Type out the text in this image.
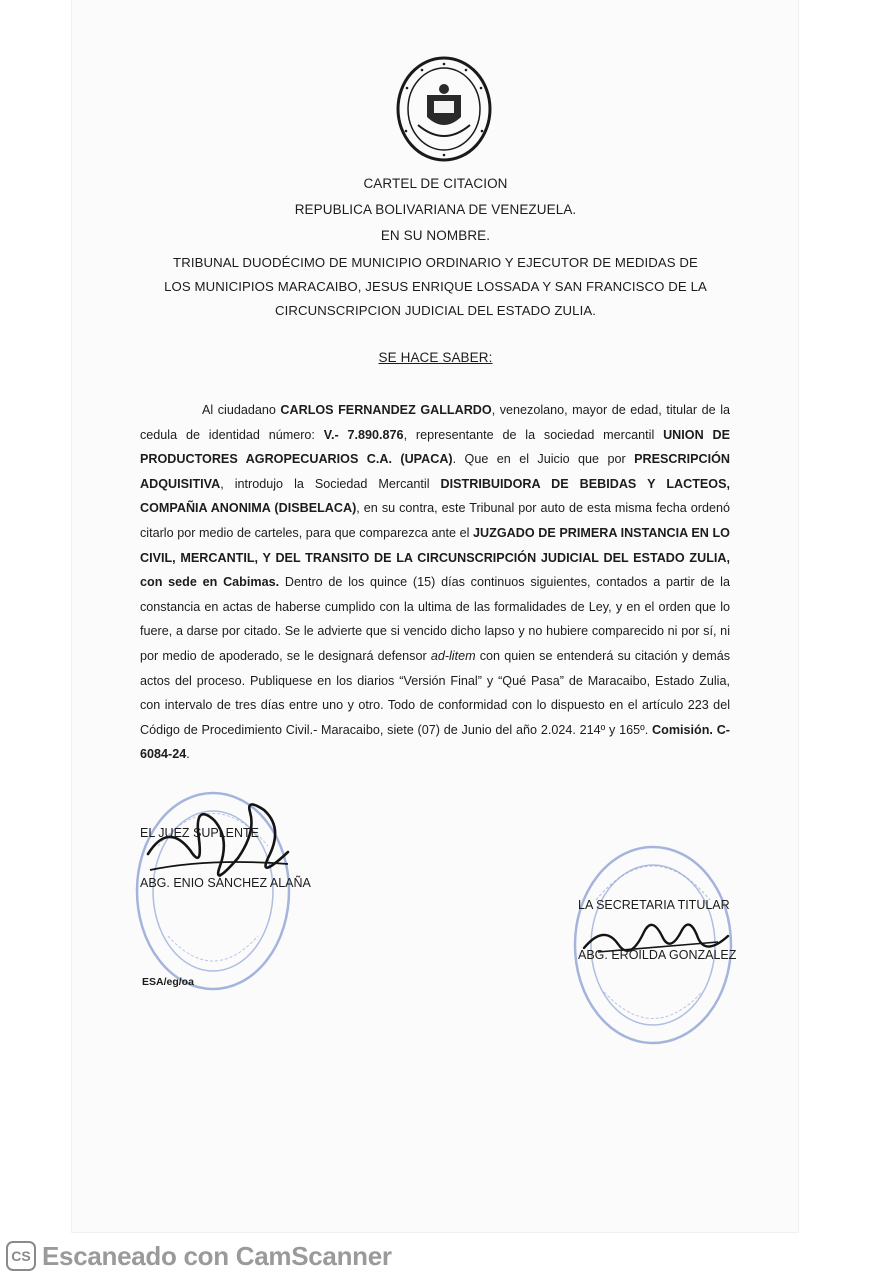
CARTEL DE CITACION
REPUBLICA BOLIVARIANA DE VENEZUELA.
EN SU NOMBRE.
TRIBUNAL DUODÉCIMO DE MUNICIPIO ORDINARIO Y EJECUTOR DE MEDIDAS DE
LOS MUNICIPIOS MARACAIBO, JESUS ENRIQUE LOSSADA Y SAN FRANCISCO DE LA
CIRCUNSCRIPCION JUDICIAL DEL ESTADO ZULIA.
SE HACE SABER:
Al ciudadano CARLOS FERNANDEZ GALLARDO, venezolano, mayor de edad, titular de la cedula de identidad número: V.- 7.890.876, representante de la sociedad mercantil UNION DE PRODUCTORES AGROPECUARIOS C.A. (UPACA). Que en el Juicio que por PRESCRIPCIÓN ADQUISITIVA, introdujo la Sociedad Mercantil DISTRIBUIDORA DE BEBIDAS Y LACTEOS, COMPAÑIA ANONIMA (DISBELACA), en su contra, este Tribunal por auto de esta misma fecha ordenó citarlo por medio de carteles, para que comparezca ante el JUZGADO DE PRIMERA INSTANCIA EN LO CIVIL, MERCANTIL, Y DEL TRANSITO DE LA CIRCUNSCRIPCIÓN JUDICIAL DEL ESTADO ZULIA, con sede en Cabimas. Dentro de los quince (15) días continuos siguientes, contados a partir de la constancia en actas de haberse cumplido con la ultima de las formalidades de Ley, y en el orden que lo fuere, a darse por citado. Se le advierte que si vencido dicho lapso y no hubiere comparecido ni por sí, ni por medio de apoderado, se le designará defensor ad-litem con quien se entenderá su citación y demás actos del proceso. Publiquese en los diarios “Versión Final” y “Qué Pasa” de Maracaibo, Estado Zulia, con intervalo de tres días entre uno y otro. Todo de conformidad con lo dispuesto en el artículo 223 del Código de Procedimiento Civil.- Maracaibo, siete (07) de Junio del año 2.024. 214º y 165º. Comisión. C-6084-24.
EL JUEZ SUPLENTE
ABG. ENIO SÁNCHEZ ALAÑA
ESA/eg/oa
LA SECRETARIA TITULAR
ABG. EROILDA GONZALEZ
CS Escaneado con CamScanner
